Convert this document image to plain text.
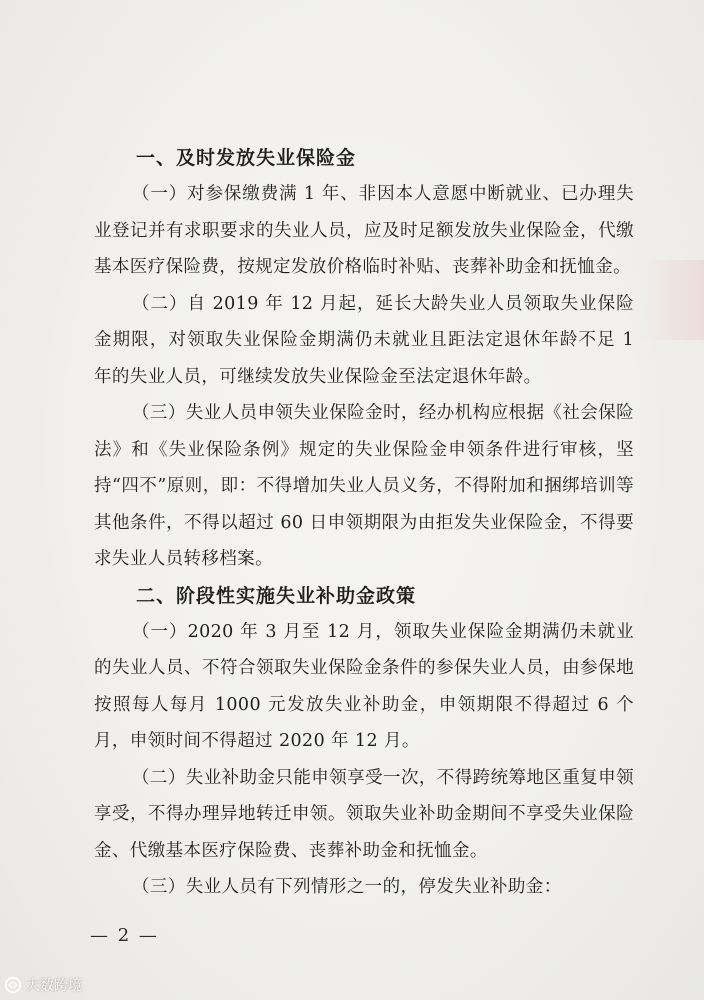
一、及时发放失业保险金

（一）对参保缴费满 1 年、非因本人意愿中断就业、已办理失业登记并有求职要求的失业人员，应及时足额发放失业保险金，代缴基本医疗保险费，按规定发放价格临时补贴、丧葬补助金和抚恤金。

（二）自 2019 年 12 月起，延长大龄失业人员领取失业保险金期限，对领取失业保险金期满仍未就业且距法定退休年龄不足 1 年的失业人员，可继续发放失业保险金至法定退休年龄。

（三）失业人员申领失业保险金时，经办机构应根据《社会保险法》和《失业保险条例》规定的失业保险金申领条件进行审核，坚持“四不”原则，即：不得增加失业人员义务，不得附加和捆绑培训等其他条件，不得以超过 60 日申领期限为由拒发失业保险金，不得要求失业人员转移档案。

二、阶段性实施失业补助金政策

（一）2020 年 3 月至 12 月，领取失业保险金期满仍未就业的失业人员、不符合领取失业保险金条件的参保失业人员，由参保地按照每人每月 1000 元发放失业补助金，申领期限不得超过 6 个月，申领时间不得超过 2020 年 12 月。

（二）失业补助金只能申领享受一次，不得跨统筹地区重复申领享受，不得办理异地转迁申领。领取失业补助金期间不享受失业保险金、代缴基本医疗保险费、丧葬补助金和抚恤金。

（三）失业人员有下列情形之一的，停发失业补助金：

— 2 —
大数跨境
